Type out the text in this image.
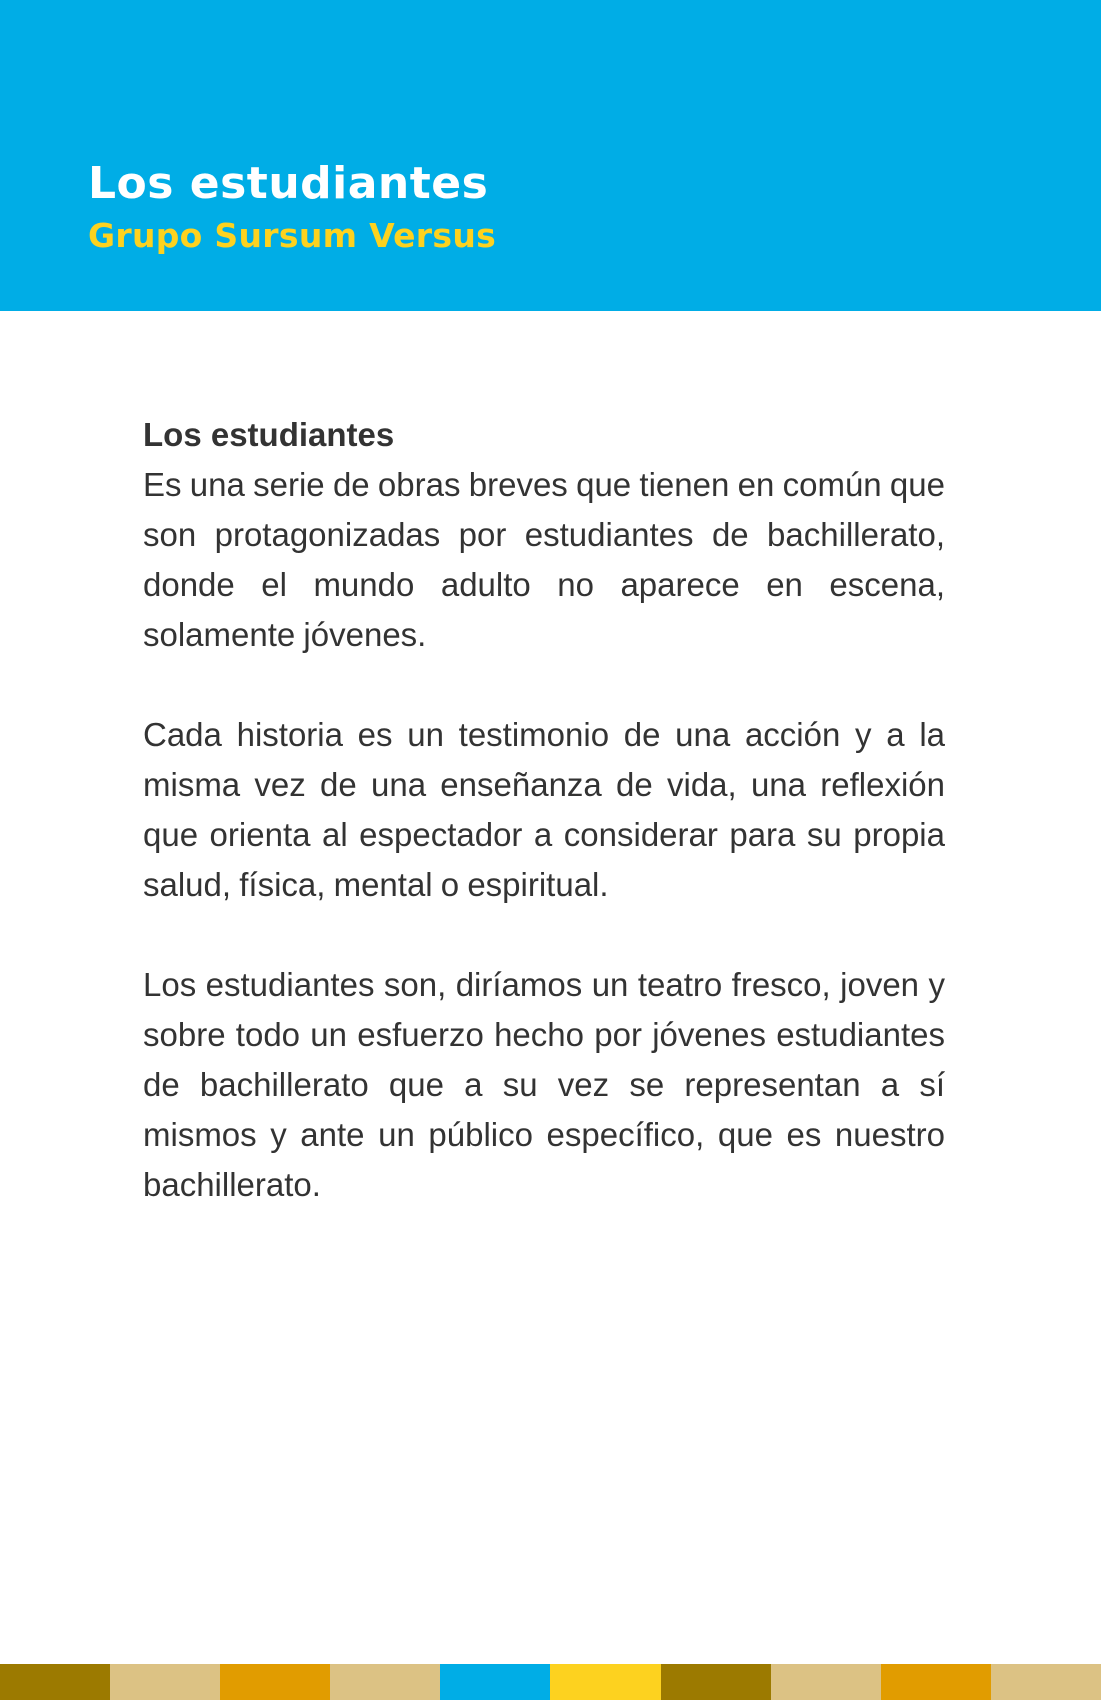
Los estudiantes
Grupo Sursum Versus
Los estudiantes

Es una serie de obras breves que tienen en común que son protagonizadas por estudiantes de bachillerato, donde el mundo adulto no aparece en escena, solamente jóvenes.

Cada historia es un testimonio de una acción y a la misma vez de una enseñanza de vida, una reflexión que orienta al espectador a considerar para su propia salud, física, mental o espiritual.

Los estudiantes son, diríamos un teatro fresco, joven y sobre todo un esfuerzo hecho por jóvenes estudiantes de bachillerato que a su vez se representan a sí mismos y ante un público específico, que es nuestro bachillerato.
